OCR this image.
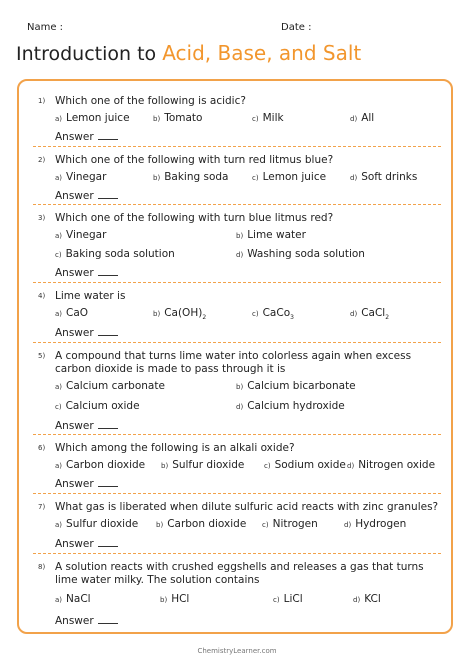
Name :	Date :
Introduction to Acid, Base, and Salt
1) Which one of the following is acidic?
a) Lemon juice	b) Tomato	c) Milk	d) All
Answer
2) Which one of the following with turn red litmus blue?
a) Vinegar	b) Baking soda	c) Lemon juice	d) Soft drinks
Answer
3) Which one of the following with turn blue litmus red?
a) Vinegar	b) Lime water
c) Baking soda solution	d) Washing soda solution
Answer
4) Lime water is
a) CaO	b) $Ca(OH)_2$	c) CaCo$_3$	d) CaCl$_2$
Answer
5) A compound that turns lime water into colorless again when excess carbon dioxide is made to pass through it is
a) Calcium carbonate	b) Calcium bicarbonate
c) Calcium oxide	d) Calcium hydroxide
Answer
6) Which among the following is an alkali oxide?
a) Carbon dioxide b) Sulfur dioxide	c) Sodium oxide d) Nitrogen oxide
Answer
7) What gas is liberated when dilute sulfuric acid reacts with zinc granules?
a) Sulfur dioxide	b) Carbon dioxide c) Nitrogen	d) Hydrogen
Answer
8) A solution reacts with crushed eggshells and releases a gas that turns lime water milky. The solution contains
a) NaCl	b) HCl	c) LiCl	d) KCl
Answer
ChemistryLearner.com
